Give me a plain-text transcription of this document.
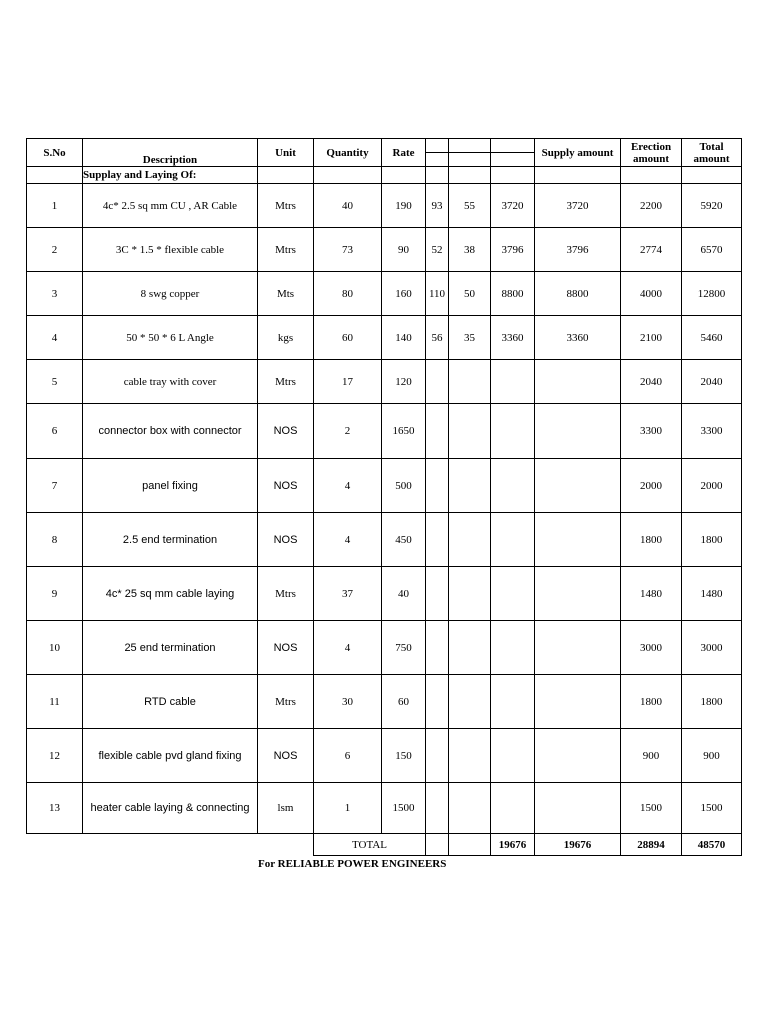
S.No	Description	Unit	Quantity	Rate				Supply amount	Erection amount	Total amount
	Supplay and Laying Of:									
1	4c* 2.5 sq mm CU , AR Cable	Mtrs	40	190	93	55	3720	3720	2200	5920
2	3C * 1.5 * flexible cable	Mtrs	73	90	52	38	3796	3796	2774	6570
3	8 swg copper	Mts	80	160	110	50	8800	8800	4000	12800
4	50 * 50 * 6 L Angle	kgs	60	140	56	35	3360	3360	2100	5460
5	cable tray with cover	Mtrs	17	120					2040	2040
6	connector box with connector	NOS	2	1650					3300	3300
7	panel fixing	NOS	4	500					2000	2000
8	2.5 end termination	NOS	4	450					1800	1800
9	4c* 25 sq mm cable laying	Mtrs	37	40					1480	1480
10	25 end termination	NOS	4	750					3000	3000
11	RTD cable	Mtrs	30	60					1800	1800
12	flexible cable pvd gland fixing	NOS	6	150					900	900
13	heater cable laying & connecting	lsm	1	1500					1500	1500
			TOTAL				19676	19676	28894	48570
For RELIABLE POWER ENGINEERS
